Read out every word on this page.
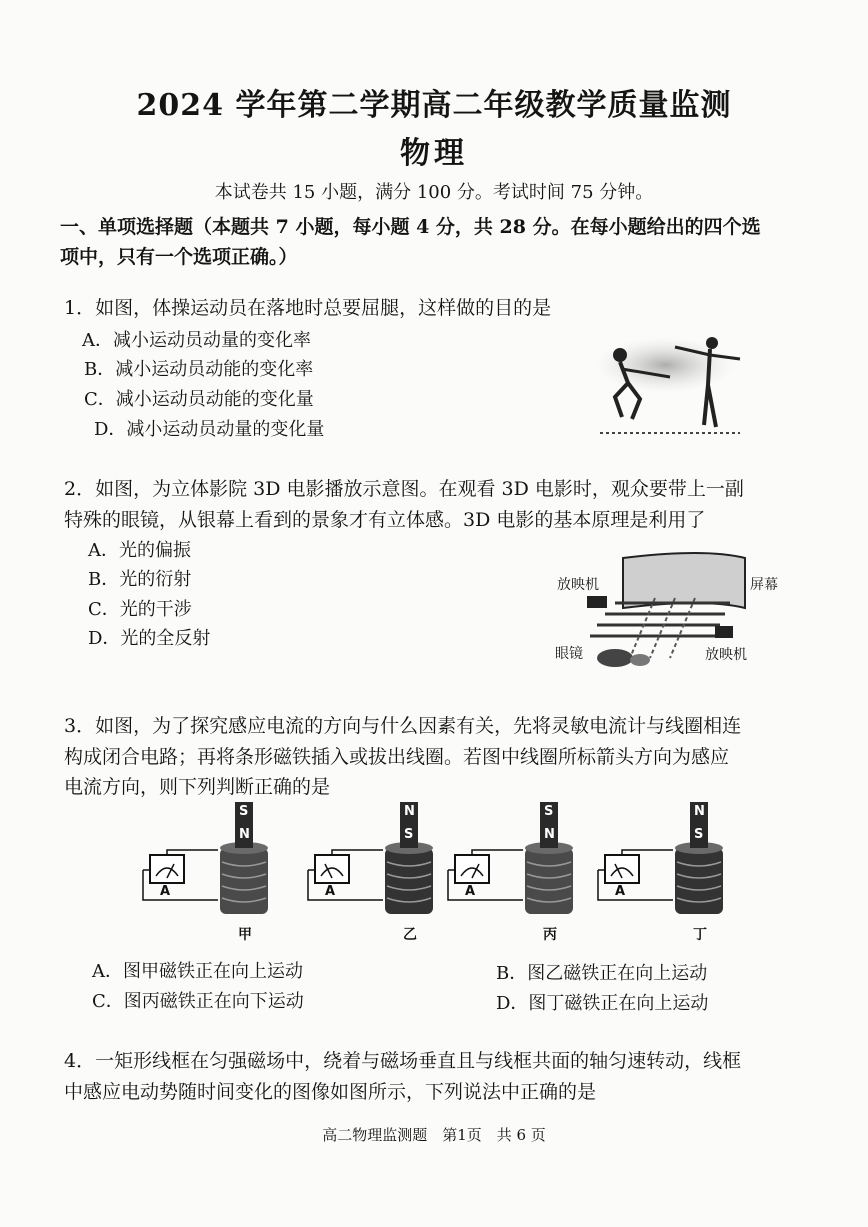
2024 学年第二学期高二年级教学质量监测
物理
本试卷共 15 小题，满分 100 分。考试时间 75 分钟。
一、单项选择题（本题共 7 小题，每小题 4 分，共 28 分。在每小题给出的四个选
项中，只有一个选项正确。）
1．如图，体操运动员在落地时总要屈腿，这样做的目的是
A．减小运动员动量的变化率
B．减小运动员动能的变化率
C．减小运动员动能的变化量
D．减小运动员动量的变化量
2．如图，为立体影院 3D 电影播放示意图。在观看 3D 电影时，观众要带上一副
特殊的眼镜，从银幕上看到的景象才有立体感。3D 电影的基本原理是利用了
A．光的偏振
B．光的衍射
C．光的干涉
D．光的全反射
放映机	屏幕
眼镜	放映机
3．如图，为了探究感应电流的方向与什么因素有关，先将灵敏电流计与线圈相连
构成闭合电路；再将条形磁铁插入或拔出线圈。若图中线圈所标箭头方向为感应
电流方向，则下列判断正确的是
S
N
A
甲
N
S
A
乙
S
N
A
丙
N
S
A
丁
A．图甲磁铁正在向上运动	B．图乙磁铁正在向上运动
C．图丙磁铁正在向下运动	D．图丁磁铁正在向上运动
4．一矩形线框在匀强磁场中，绕着与磁场垂直且与线框共面的轴匀速转动，线框
中感应电动势随时间变化的图像如图所示，下列说法中正确的是
高二物理监测题　第1页　共 6 页
